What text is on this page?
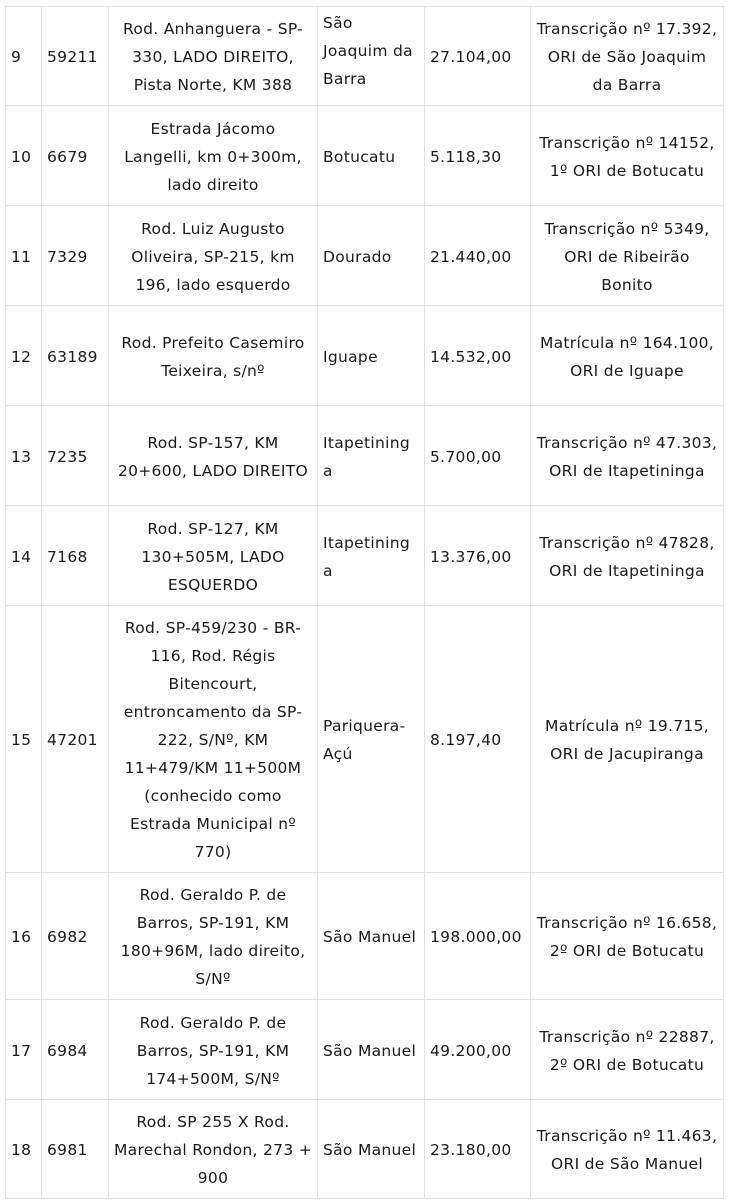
9	59211	Rod. Anhanguera - SP-330, LADO DIREITO, Pista Norte, KM 388	São Joaquim da Barra	27.104,00	Transcrição nº 17.392, ORI de São Joaquim da Barra
10	6679	Estrada Jácomo Langelli, km 0+300m, lado direito	Botucatu	5.118,30	Transcrição nº 14152, 1º ORI de Botucatu
11	7329	Rod. Luiz Augusto Oliveira, SP-215, km 196, lado esquerdo	Dourado	21.440,00	Transcrição nº 5349, ORI de Ribeirão Bonito
12	63189	Rod. Prefeito Casemiro Teixeira, s/nº	Iguape	14.532,00	Matrícula nº 164.100, ORI de Iguape
13	7235	Rod. SP-157, KM 20+600, LADO DIREITO	Itapetininga	5.700,00	Transcrição nº 47.303, ORI de Itapetininga
14	7168	Rod. SP-127, KM 130+505M, LADO ESQUERDO	Itapetininga	13.376,00	Transcrição nº 47828, ORI de Itapetininga
15	47201	Rod. SP-459/230 - BR-116, Rod. Régis Bitencourt, entroncamento da SP-222, S/Nº, KM 11+479/KM 11+500M (conhecido como Estrada Municipal nº 770)	Pariquera-Açú	8.197,40	Matrícula nº 19.715, ORI de Jacupiranga
16	6982	Rod. Geraldo P. de Barros, SP-191, KM 180+96M, lado direito, S/Nº	São Manuel	198.000,00	Transcrição nº 16.658, 2º ORI de Botucatu
17	6984	Rod. Geraldo P. de Barros, SP-191, KM 174+500M, S/Nº	São Manuel	49.200,00	Transcrição nº 22887, 2º ORI de Botucatu
18	6981	Rod. SP 255 X Rod. Marechal Rondon, 273 + 900	São Manuel	23.180,00	Transcrição nº 11.463, ORI de São Manuel
